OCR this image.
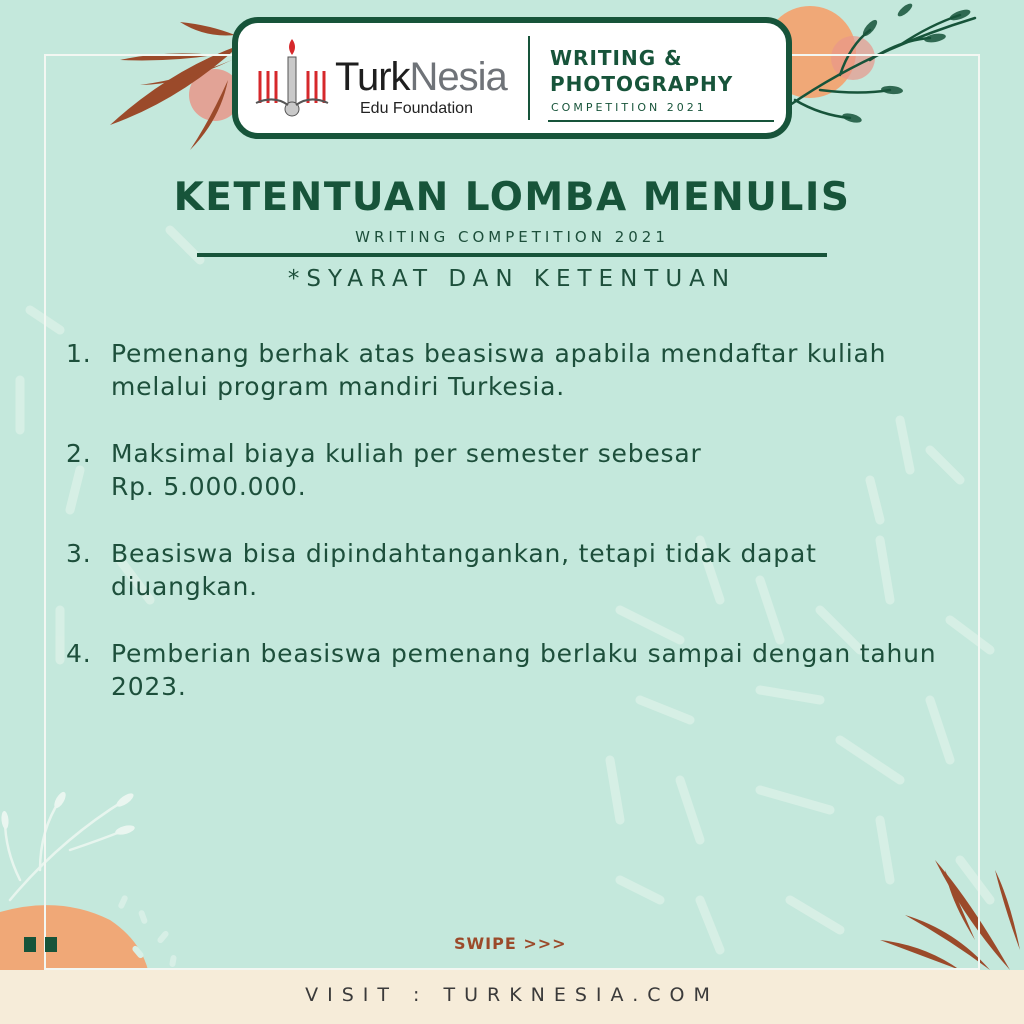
TurkNesia
Edu Foundation
WRITING &
PHOTOGRAPHY
COMPETITION 2021
KETENTUAN LOMBA MENULIS
WRITING COMPETITION 2021
*SYARAT DAN KETENTUAN
1. Pemenang berhak atas beasiswa apabila mendaftar kuliah melalui program mandiri Turkesia.
2. Maksimal biaya kuliah per semester sebesar
Rp. 5.000.000.
3. Beasiswa bisa dipindahtangankan, tetapi tidak dapat diuangkan.
4. Pemberian beasiswa pemenang berlaku sampai dengan tahun 2023.
SWIPE >>>
VISIT : TURKNESIA.COM
